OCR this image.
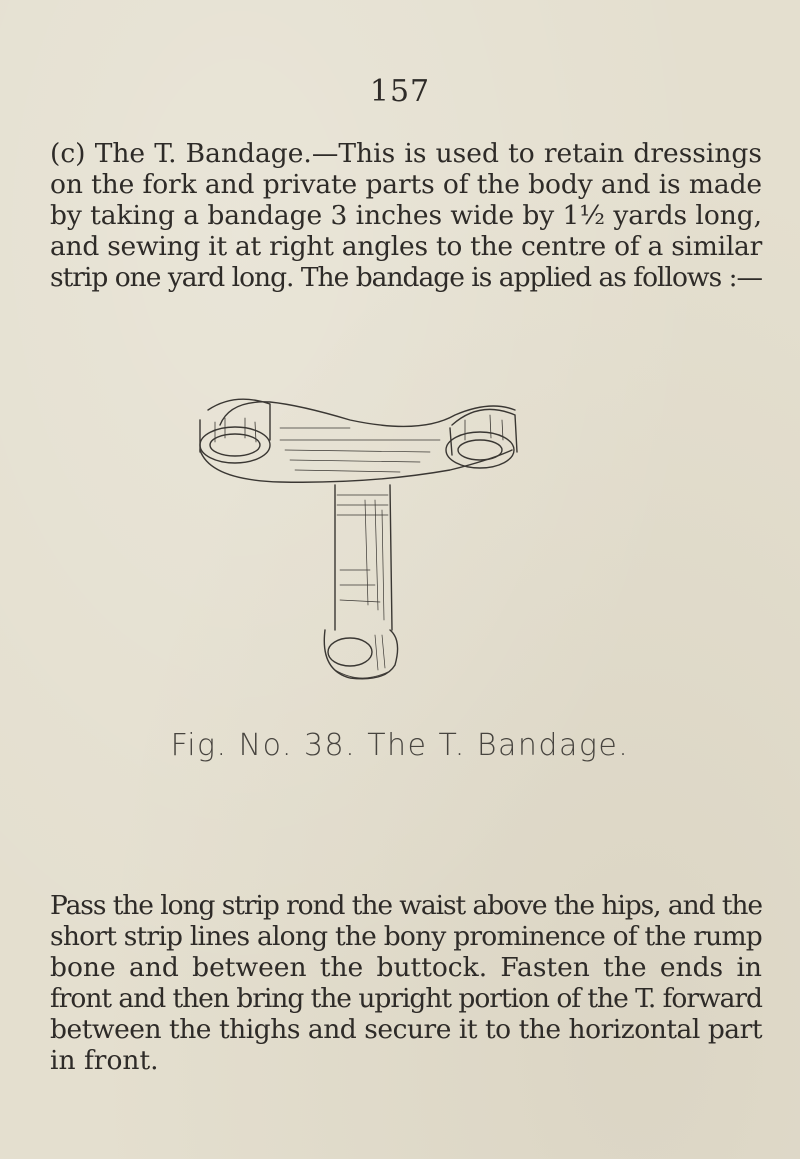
157
(c) The T. Bandage.—This is used to retain dressings
on the fork and private parts of the body and is made
by taking a bandage 3 inches wide by 1½ yards long,
and sewing it at right angles to the centre of a similar
strip one yard long. The bandage is applied as follows :—
Fig. No. 38. The T. Bandage.
Pass the long strip rond the waist above the hips, and the
short strip lines along the bony prominence of the rump
bone and between the buttock. Fasten the ends in
front and then bring the upright portion of the T. forward
between the thighs and secure it to the horizontal part
in front.
